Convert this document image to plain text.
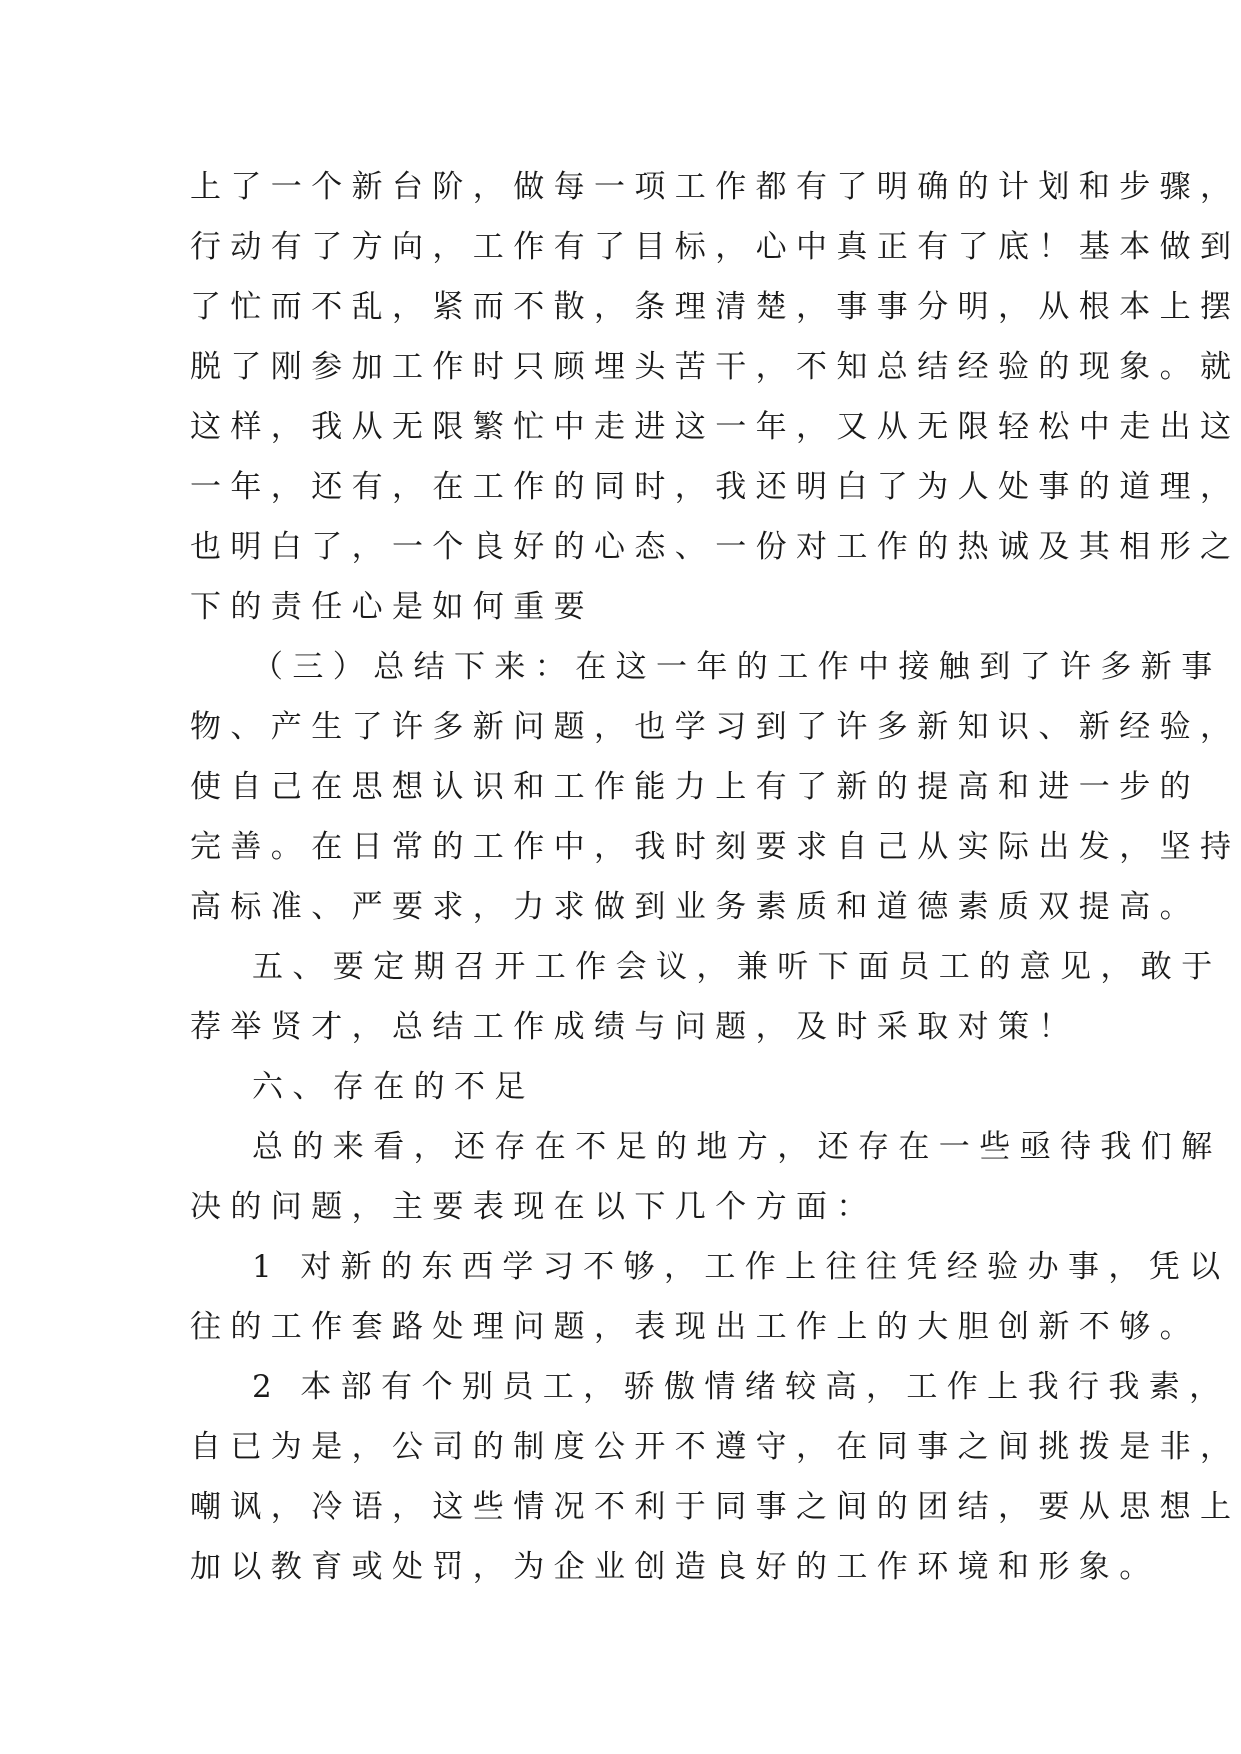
上了一个新台阶，做每一项工作都有了明确的计划和步骤，
行动有了方向，工作有了目标，心中真正有了底！基本做到
了忙而不乱，紧而不散，条理清楚，事事分明，从根本上摆
脱了刚参加工作时只顾埋头苦干，不知总结经验的现象。就
这样，我从无限繁忙中走进这一年，又从无限轻松中走出这
一年，还有，在工作的同时，我还明白了为人处事的道理，
也明白了，一个良好的心态、一份对工作的热诚及其相形之
下的责任心是如何重要

（三）总结下来：在这一年的工作中接触到了许多新事
物、产生了许多新问题，也学习到了许多新知识、新经验，
使自己在思想认识和工作能力上有了新的提高和进一步的
完善。在日常的工作中，我时刻要求自己从实际出发，坚持
高标准、严要求，力求做到业务素质和道德素质双提高。

五、要定期召开工作会议，兼听下面员工的意见，敢于
荐举贤才，总结工作成绩与问题，及时采取对策！

六、存在的不足

总的来看，还存在不足的地方，还存在一些亟待我们解
决的问题，主要表现在以下几个方面：

1 对新的东西学习不够，工作上往往凭经验办事，凭以
往的工作套路处理问题，表现出工作上的大胆创新不够。

2 本部有个别员工，骄傲情绪较高，工作上我行我素，
自已为是，公司的制度公开不遵守，在同事之间挑拨是非，
嘲讽，冷语，这些情况不利于同事之间的团结，要从思想上
加以教育或处罚，为企业创造良好的工作环境和形象。
